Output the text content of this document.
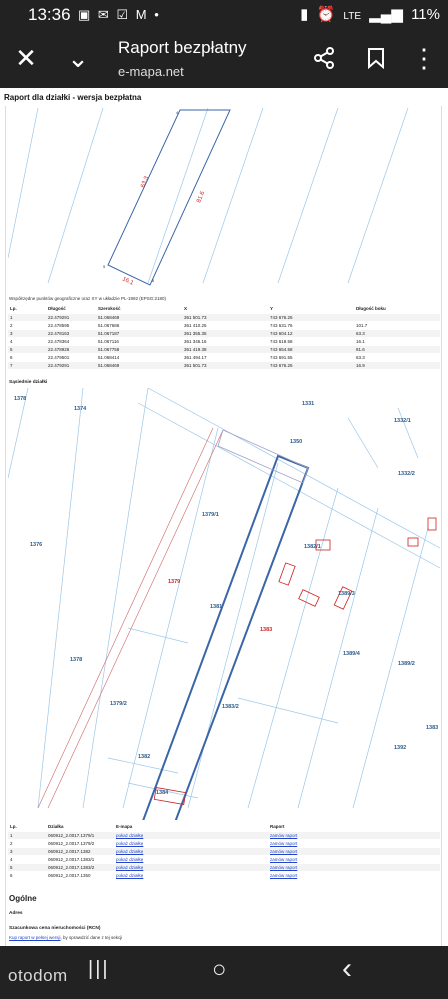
13:36 ▣ ✉ ☑ M •	▮ ⏰ LTE ▂▄▆ 11%
✕ ⌄	Raport bezpłatny
e-mapa.net	⋮
Raport dla działki - wersja bezpłatna
63.3
81.6
16.1
5
6
4
Współrzędne punktów geograficzne oraz XY w układzie PL-1992 (EPSG:2180)
Lp.	Długość	Szerokość	X	Y	Długość boku
1	22.479291	51.068469	361 501.73	743 676.26
2	22.478595	51.067686	361 410.25	743 631.76	101.7
3	22.478163	51.067187	361 355.35	743 604.12	63.3
4	22.478364	51.067116	361 346.16	743 618.58	16.1
5	22.478926	51.067758	361 419.38	743 654.58	81.6
6	22.479501	51.068414	361 494.17	743 691.55	63.3
7	22.479291	51.068469	361 501.73	743 676.26	16.9
Sąsiednie działki
1378
1374
1331
1332/1
1350
1332/2
1379/1
1376
1379
1381
1383
1382/1
1389/3
1389/4
1378
1389/2
1379/2	1383/2
1383
1382
1392
1384
Lp.	Działka	E-mapa	Raport
1	060912_2.0017.1379/1	pokaż działkę	zamów raport
2	060912_2.0017.1379/2	pokaż działkę	zamów raport
3	060912_2.0017.1382	pokaż działkę	zamów raport
4	060912_2.0017.1383/1	pokaż działkę	zamów raport
5	060912_2.0017.1383/2	pokaż działkę	zamów raport
6	060912_2.0017.1350	pokaż działkę	zamów raport
Ogólne
Adres
Szacunkowa cena nieruchomości (RCN)
Kup raport w pełnej wersji, by sprawdzić dane z tej sekcji
otodom |||	○	‹
